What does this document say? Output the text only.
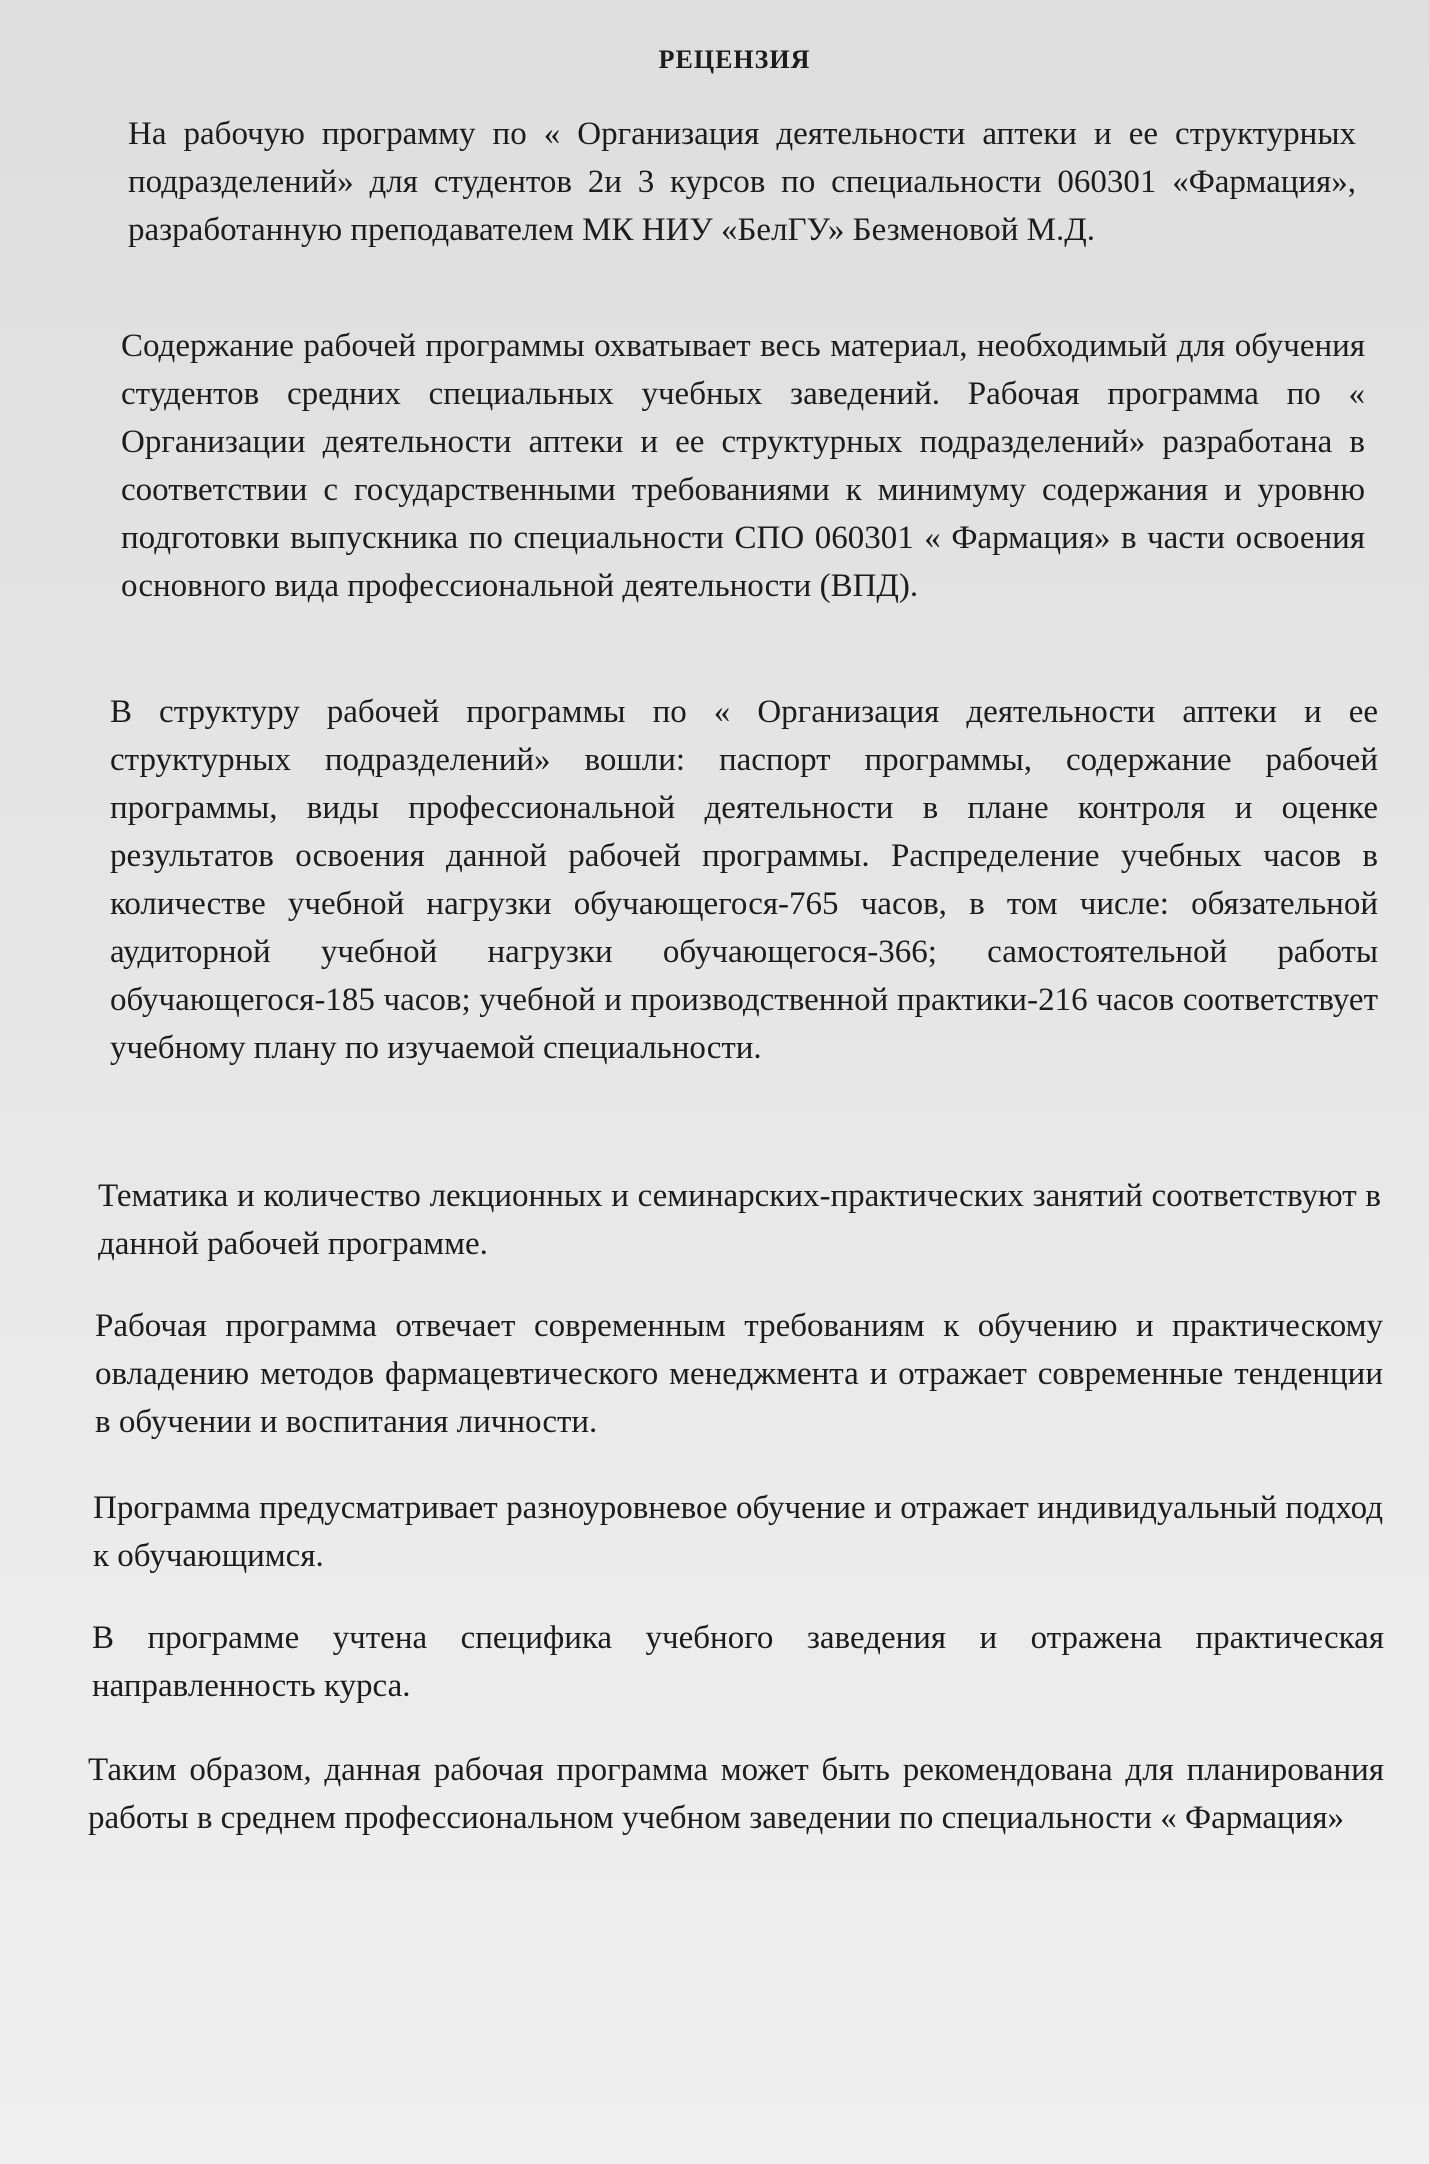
РЕЦЕНЗИЯ

На рабочую программу по « Организация деятельности аптеки и ее структурных подразделений» для студентов 2и 3 курсов по специальности 060301 «Фармация», разработанную преподавателем МК НИУ «БелГУ» Безменовой М.Д.

Содержание рабочей программы охватывает весь материал, необходимый для обучения студентов средних специальных учебных заведений. Рабочая программа по « Организации деятельности аптеки и ее структурных подразделений» разработана в соответствии с государственными требованиями к минимуму содержания и уровню подготовки выпускника по специальности СПО 060301 « Фармация» в части освоения основного вида профессиональной деятельности (ВПД).

В структуру рабочей программы по « Организация деятельности аптеки и ее структурных подразделений» вошли: паспорт программы, содержание рабочей программы, виды профессиональной деятельности в плане контроля и оценке результатов освоения данной рабочей программы. Распределение учебных часов в количестве учебной нагрузки обучающегося-765 часов, в том числе: обязательной аудиторной учебной нагрузки обучающегося-366; самостоятельной работы обучающегося-185 часов; учебной и производственной практики-216 часов соответствует учебному плану по изучаемой специальности.

Тематика и количество лекционных и семинарских-практических занятий соответствуют в данной рабочей программе.

Рабочая программа отвечает современным требованиям к обучению и практическому овладению методов фармацевтического менеджмента и отражает современные тенденции в обучении и воспитания личности.

Программа предусматривает разноуровневое обучение и отражает индивидуальный подход к обучающимся.

В программе учтена специфика учебного заведения и отражена практическая направленность курса.

Таким образом, данная рабочая программа может быть рекомендована для планирования работы в среднем профессиональном учебном заведении по специальности « Фармация»
